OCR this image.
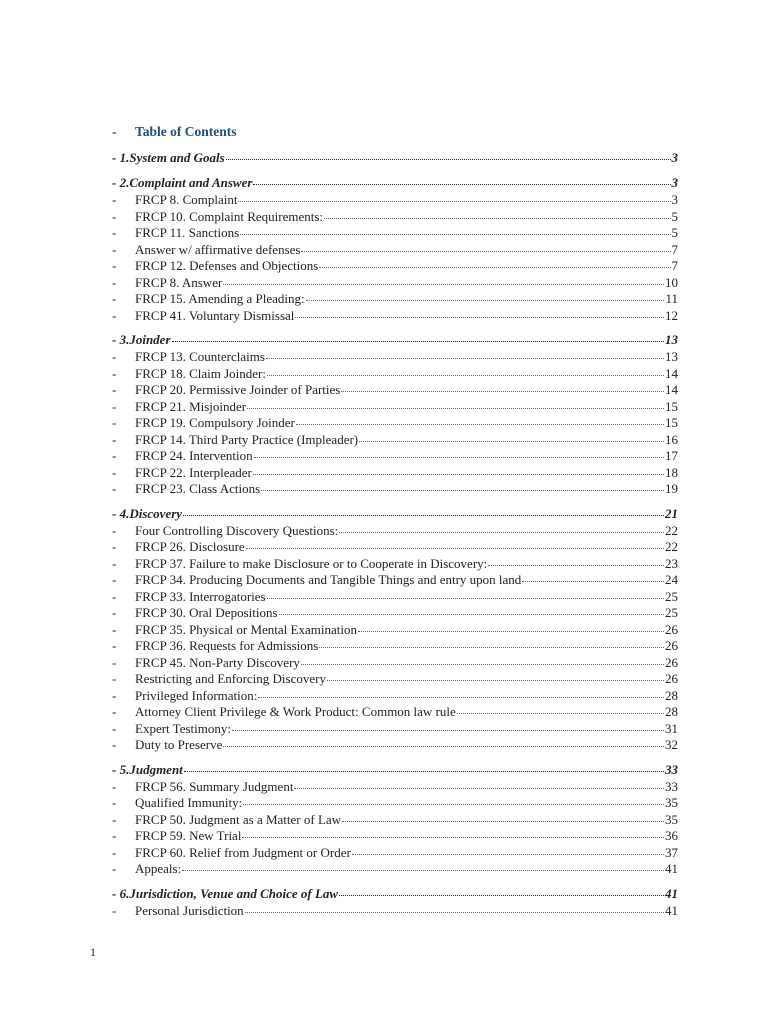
-	Table of Contents
- 1. System and Goals	3
- 2. Complaint and Answer	3
-	FRCP 8. Complaint	3
-	FRCP 10. Complaint Requirements:	5
-	FRCP 11. Sanctions	5
-	Answer w/ affirmative defenses	7
-	FRCP 12. Defenses and Objections	7
-	FRCP 8. Answer	10
-	FRCP 15. Amending a Pleading:	11
-	FRCP 41. Voluntary Dismissal	12
- 3. Joinder	13
-	FRCP 13. Counterclaims	13
-	FRCP 18. Claim Joinder:	14
-	FRCP 20. Permissive Joinder of Parties	14
-	FRCP 21. Misjoinder	15
-	FRCP 19. Compulsory Joinder	15
-	FRCP 14. Third Party Practice (Impleader)	16
-	FRCP 24. Intervention	17
-	FRCP 22. Interpleader	18
-	FRCP 23. Class Actions	19
- 4. Discovery	21
-	Four Controlling Discovery Questions:	22
-	FRCP 26. Disclosure	22
-	FRCP 37. Failure to make Disclosure or to Cooperate in Discovery:	23
-	FRCP 34. Producing Documents and Tangible Things and entry upon land	24
-	FRCP 33. Interrogatories	25
-	FRCP 30. Oral Depositions	25
-	FRCP 35. Physical or Mental Examination	26
-	FRCP 36. Requests for Admissions	26
-	FRCP 45. Non-Party Discovery	26
-	Restricting and Enforcing Discovery	26
-	Privileged Information:	28
-	Attorney Client Privilege & Work Product: Common law rule	28
-	Expert Testimony:	31
-	Duty to Preserve	32
- 5. Judgment	33
-	FRCP 56. Summary Judgment	33
-	Qualified Immunity:	35
-	FRCP 50. Judgment as a Matter of Law	35
-	FRCP 59. New Trial	36
-	FRCP 60. Relief from Judgment or Order	37
-	Appeals:	41
- 6. Jurisdiction, Venue and Choice of Law	41
-	Personal Jurisdiction	41
1
